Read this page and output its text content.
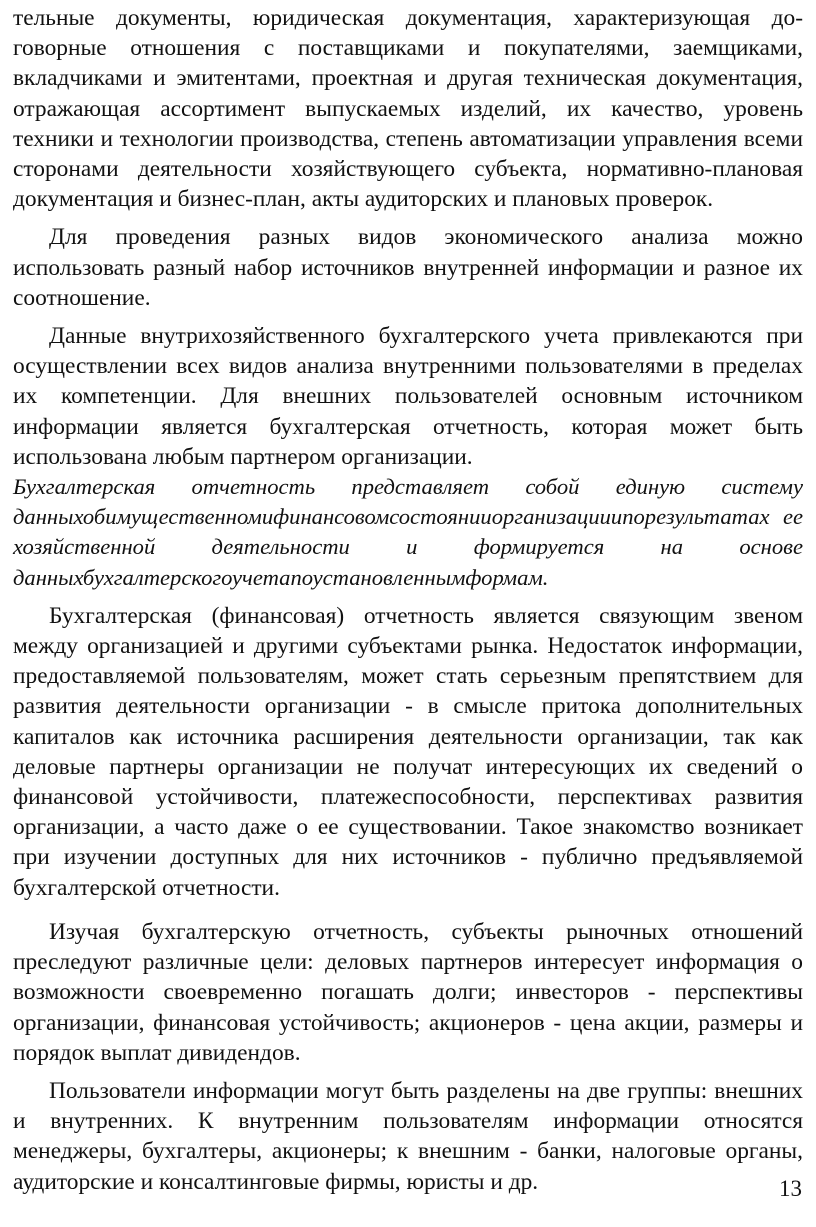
тельные документы, юридическая документация, характеризующая договорные отношения с поставщиками и покупателями, заемщиками, вкладчиками и эмитентами, проектная и другая техническая документация, отражающая ассортимент выпускаемых изделий, их качество, уровень техники и технологии производства, степень автоматизации управления всеми сторонами деятельности хозяйствующего субъекта, нормативно-плановая документация и бизнес-план, акты аудиторских и плановых проверок.

Для проведения разных видов экономического анализа можно использовать разный набор источников внутренней информации и разное их соотношение.

Данные внутрихозяйственного бухгалтерского учета привлекаются при осуществлении всех видов анализа внутренними пользователями в пределах их компетенции. Для внешних пользователей основным источником информации является бухгалтерская отчетность, которая может быть использована любым партнером организации.

Бухгалтерская отчетность представляет собой единую систему данныхобимущественномифинансовомсостоянииорганизацииипорезультатах ее хозяйственной деятельности и формируется на основе данныхбухгалтерскогоучетапоустановленнымформам.

Бухгалтерская (финансовая) отчетность является связующим звеном между организацией и другими субъектами рынка. Недостаток информации, предоставляемой пользователям, может стать серьезным препятствием для развития деятельности организации - в смысле притока дополнительных капиталов как источника расширения деятельности организации, так как деловые партнеры организации не получат интересующих их сведений о финансовой устойчивости, платежеспособности, перспективах развития организации, а часто даже о ее существовании. Такое знакомство возникает при изучении доступных для них источников - публично предъявляемой бухгалтерской отчетности.

Изучая бухгалтерскую отчетность, субъекты рыночных отношений преследуют различные цели: деловых партнеров интересует информация о возможности своевременно погашать долги; инвесторов - перспективы организации, финансовая устойчивость; акционеров - цена акции, размеры и порядок выплат дивидендов.

Пользователи информации могут быть разделены на две группы: внешних и внутренних. К внутренним пользователям информации относятся менеджеры, бухгалтеры, акционеры; к внешним - банки, налоговые органы, аудиторские и консалтинговые фирмы, юристы и др.	13
